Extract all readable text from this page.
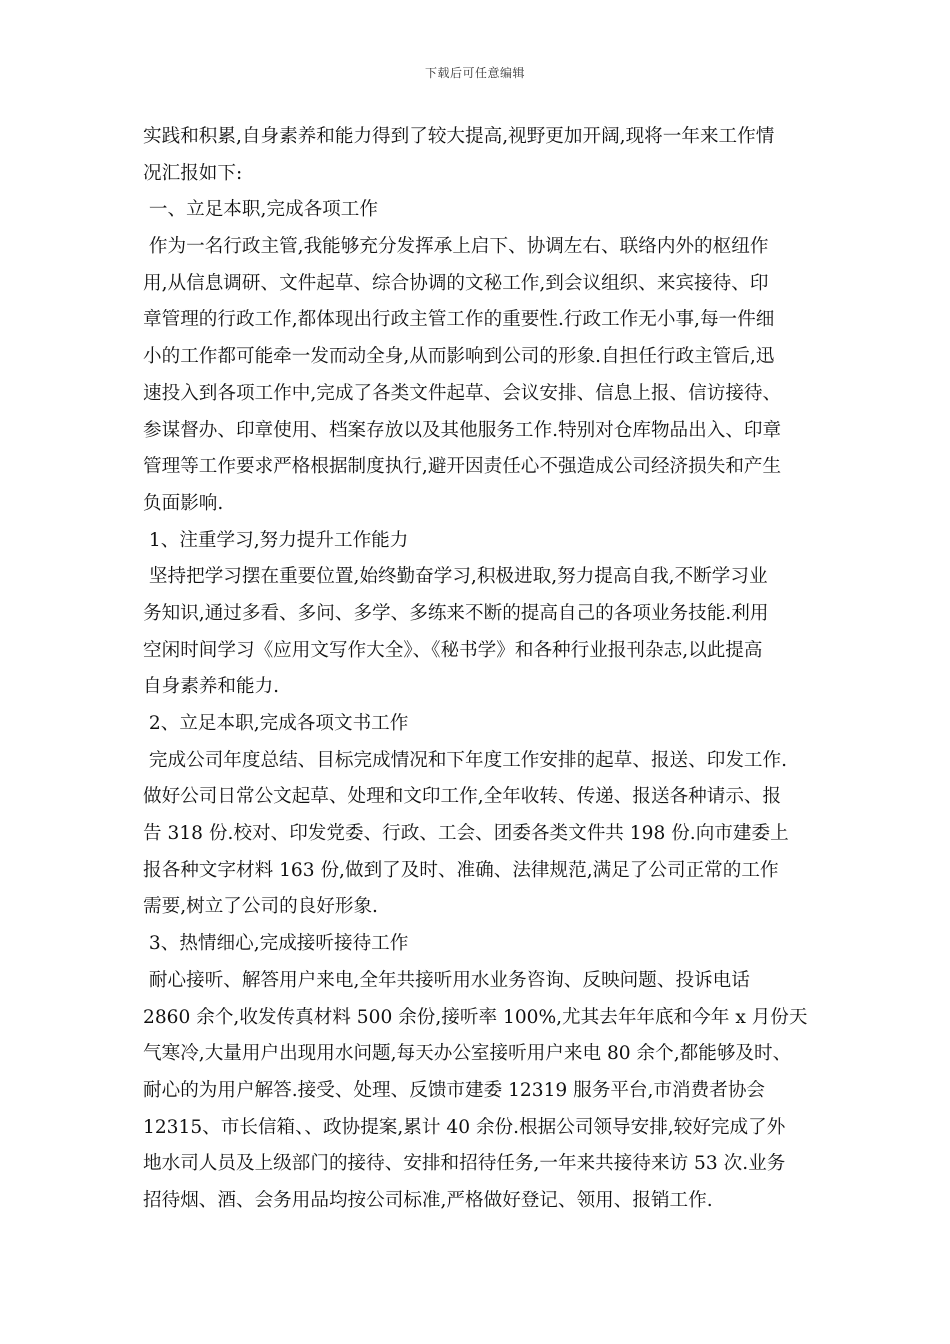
下载后可任意编辑
实践和积累,自身素养和能力得到了较大提高,视野更加开阔,现将一年来工作情
况汇报如下:
一、立足本职,完成各项工作
作为一名行政主管,我能够充分发挥承上启下、协调左右、联络内外的枢纽作
用,从信息调研、文件起草、综合协调的文秘工作,到会议组织、来宾接待、印
章管理的行政工作,都体现出行政主管工作的重要性.行政工作无小事,每一件细
小的工作都可能牵一发而动全身,从而影响到公司的形象.自担任行政主管后,迅
速投入到各项工作中,完成了各类文件起草、会议安排、信息上报、信访接待、
参谋督办、印章使用、档案存放以及其他服务工作.特别对仓库物品出入、印章
管理等工作要求严格根据制度执行,避开因责任心不强造成公司经济损失和产生
负面影响.
1、注重学习,努力提升工作能力
坚持把学习摆在重要位置,始终勤奋学习,积极进取,努力提高自我,不断学习业
务知识,通过多看、多问、多学、多练来不断的提高自己的各项业务技能.利用
空闲时间学习《应用文写作大全》、《秘书学》和各种行业报刊杂志,以此提高
自身素养和能力.
2、立足本职,完成各项文书工作
完成公司年度总结、目标完成情况和下年度工作安排的起草、报送、印发工作.
做好公司日常公文起草、处理和文印工作,全年收转、传递、报送各种请示、报
告 318 份.校对、印发党委、行政、工会、团委各类文件共 198 份.向市建委上
报各种文字材料 163 份,做到了及时、准确、法律规范,满足了公司正常的工作
需要,树立了公司的良好形象.
3、热情细心,完成接听接待工作
耐心接听、解答用户来电,全年共接听用水业务咨询、反映问题、投诉电话
2860 余个,收发传真材料 500 余份,接听率 100%,尤其去年年底和今年 x 月份天
气寒冷,大量用户出现用水问题,每天办公室接听用户来电 80 余个,都能够及时、
耐心的为用户解答.接受、处理、反馈市建委 12319 服务平台,市消费者协会
12315、市长信箱、、政协提案,累计 40 余份.根据公司领导安排,较好完成了外
地水司人员及上级部门的接待、安排和招待任务,一年来共接待来访 53 次.业务
招待烟、酒、会务用品均按公司标准,严格做好登记、领用、报销工作.
